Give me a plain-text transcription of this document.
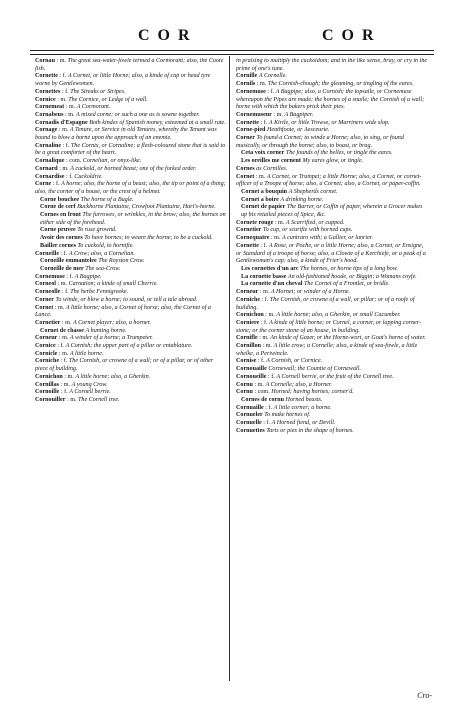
COR	COR

Cornau : m. The great sea-water-fowle termed a Cormorant; also, the Coote fish.

Cornette : f. A Cornet, or little Horne; also, a kinde of cap or head tyre worne by Gentlewomen.

Cornettes : f. The Streaks or Stripes.

Cornice : m. The Cornice, or Ledge of a wall.

Cornemeat : m. A Cormorant.

Cornabeus : m. A mixed corne; or such a one as is sowne together.

Cornadis d'Espagne Both kindes of Spanish money, esteemed at a small rate.

Cornage : m. A Tenure, or Service in old Tenures, whereby the Tenant was bound to blow a horne upon the approach of an enemie.

Cornaline : f. The Cornix, or Cornaline; a flesh-coloured stone that is said to be a great comforter of the heart.

Cornalique : com. Cornelian, or onyx-like.

Cornard : m. A cuckold, or horned beast; one of the forked order.

Cornardise : f. Cuckoldrie.

Corne : f. A horne; also, the horne of a beast; also, the tip or point of a thing; also, the corner of a house, or the crest of a helmet.

Corne bouchee The horne of a Bugle.

Corne de cerf Buckhorne Plantaine, Crowfoot Plantaine, Hart's-horne.

Cornes en front The furrowes, or wrinkles, in the brow; also, the hornes on either side of the forehead.

Corne pruvee To ruse grownd.

Avoir des cornes To have hornes; to weare the horne; to be a cuckold.

Bailler cornes To cuckold, to hornifie.

Corneille : f. A Crow; also, a Cornelian.

Corneille emmantelee The Royston Crow.

Corneille de mer The sea-Crow.

Cornemuse : f. A Bagpipe.

Corneol : m. Carnation; a kinde of small Cherrie.

Corneolle : f. The herbe Fennigreeke.

Corner To winde, or blow a horne; to sound, or tell a tale abroad.

Cornet : m. A little horne; also, a Cornet of horse; also, the Cornet of a Lance.

Cornetier : m. A Cornet player; also, a horner.

Cornet de chasse A hunting horne.

Corneur : m. A winder of a horne; a Trumpeter.

Cornice : f. A Cornish; the upper part of a pillar or entablature.

Cornicle : m. A little horne.

Corniche : f. The Cornish, or crowne of a wall; or of a pillar, or of other piece of building.

Cornichon : m. A little horne; also, a Gherkin.

Cornillas : m. A young Crow.

Cornoille : f. A Cornell berrie.

Cornouiller : m. The Cornell tree.

in praising to multiply the cuckoldom; and in the like sense, bray, or cry in the prime of one's tune.

Cornille A Cornelle.

Cornils : m. The Cornish-chough; the gleaming, or tingling of the eares.

Cornemuse : f. A Bagpipe; also, a Cornish; the topsaile, or Cornemuse whereupon the Pipes are made; the hornes of a snaile; the Cornish of a wall; horne with which the bakers prick their pies.

Cornemuseur : m. A Bagpiper.

Cornette : f. A Kirtle, or little Trowse, or Marriners wide slop.

Corne-pied Heathfoote, or Aesceurie.

Corner To found a Cornet; to winde a Horne; also, to sing, or found musically, or through the horne; also, to boast, or brag.

Ceta voix corner The founds of the belles, or tingle the eares.

Les oreilles me cornent My eares glow, or tingle.

Cornes as Cornilles.

Cornet : m. A Cornet, or Trumpet; a little Horne; also, a Cornet, or cornet-officer of a Troope of horse; also, a Cornet; also, a Cornet, or paper-coffin.

Cornet a bouquin A Shepherds cornet.

Cornet a boire A drinking horne.

Cornet de papier The Barrer, or Coffin of paper, wherein a Grocer makes up his retailed pieces of Spice, &c.

Cornete rouge : m. A Scarrified, or cupped.

Cornetier To cup, or scarifie with horned cups.

Cornequatre : m. A cuntraro with; a Gallier, or lanrier.

Cornette : f. A Rose, or Poche, or a little Horne; also, a Cornet, or Ensigne, or Standard of a troope of horse; also, a Clowte of a Kerchiefe, or a peak of a Gentlewoman's cap; also, a kinde of Frier's hood.

Les cornettes d'un arc The hornes, or horne tips of a long bow.

La cornette basse An old-fashioned hoode, or Biggin; a Womans coyfe.

La cornette d'un cheval The Cornet of a Frontlet, or bridle.

Corneur : m. A Hornet; or winder of a Horne.

Corniche : f. The Cornish, or crowne of a wall, or pillar; or of a roofe of building.

Cornichon : m. A little horne; also, a Gherkin, or small Cucumber.

Corniere : f. A kinde of little horne; or Cornel, a corner, or lapping corner-stone; or the corner stone of an house, in building.

Cornifle : m. An kinde of Gazer, or the Horne-wort, or Goat's horne of water.

Cornillon : m. A little crow; a Cornelle; also, a kinde of sea-fowle, a little whelke, a Periwincle.

Cornise : f. A Cornish, or Cornice.

Cornouaille Cornewall; the Countie of Cornewall.

Cornoueille : f. A Cornell berrie, or the fruit of the Cornell tree.

Cornu : m. A Cornelle; also, a Horner.

Cornu : com. Horned; having hornes; corner'd.

Cornes de cornu Horned beasts.

Cornuaille : f. A little corner; a horne.

Cornueler To make hornes of.

Cornuelle : f. A Horned fiend, or Devill.

Cornuettes Tarts or pies in the shape of hornes.

Cro-
